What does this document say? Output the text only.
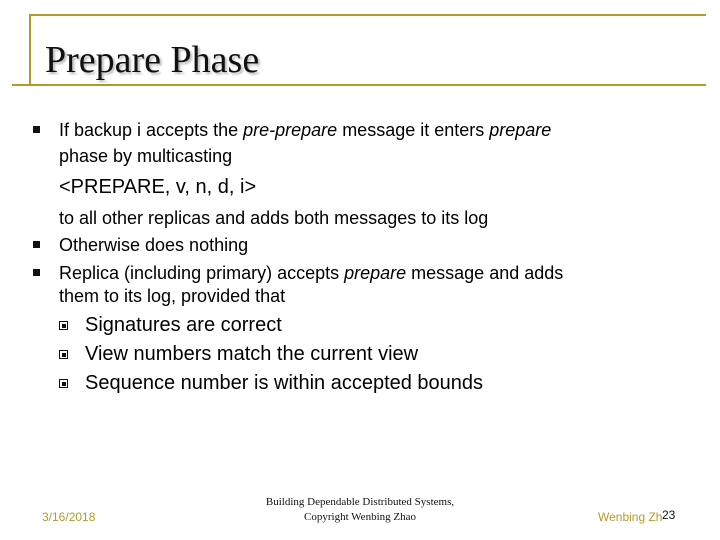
Prepare Phase
If backup i accepts the pre-prepare message it enters prepare
phase by multicasting
<PREPARE, v, n, d, i>
to all other replicas and adds both messages to its log
Otherwise does nothing
Replica (including primary) accepts prepare message and adds
them to its log, provided that
Signatures are correct
View numbers match the current view
Sequence number is within accepted bounds
3/16/2018
Building Dependable Distributed Systems,
Copyright Wenbing Zhao	Wenbing Zh 23
